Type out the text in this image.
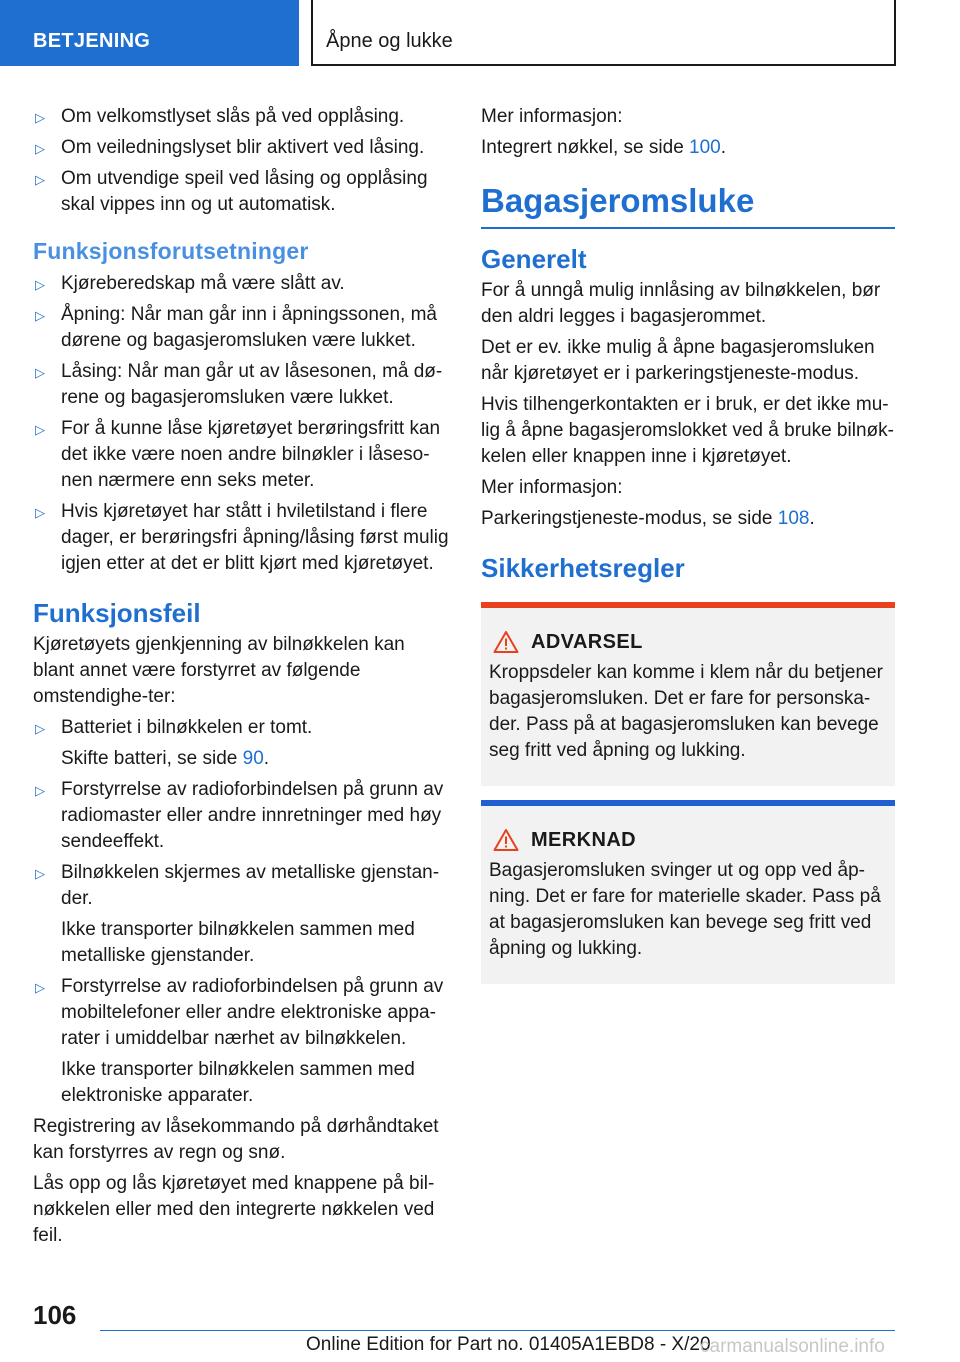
BETJENING	Åpne og lukke
▷ Om velkomstlyset slås på ved opplåsing.
▷ Om veiledningslyset blir aktivert ved låsing.
▷ Om utvendige speil ved låsing og opplåsing skal vippes inn og ut automatisk.
Funksjonsforutsetninger
▷ Kjøreberedskap må være slått av.
▷ Åpning: Når man går inn i åpningssonen, må dørene og bagasjeromsluken være lukket.
▷ Låsing: Når man går ut av låsesonen, må dø-rene og bagasjeromsluken være lukket.
▷ For å kunne låse kjøretøyet berøringsfritt kan det ikke være noen andre bilnøkler i låseso-nen nærmere enn seks meter.
▷ Hvis kjøretøyet har stått i hviletilstand i flere dager, er berøringsfri åpning/låsing først mulig igjen etter at det er blitt kjørt med kjøretøyet.
Funksjonsfeil
Kjøretøyets gjenkjenning av bilnøkkelen kan blant annet være forstyrret av følgende omstendighe-ter:
▷ Batteriet i bilnøkkelen er tomt.
Skifte batteri, se side 90.
▷ Forstyrrelse av radioforbindelsen på grunn av radiomaster eller andre innretninger med høy sendeeffekt.
▷ Bilnøkkelen skjermes av metalliske gjenstan-der.
Ikke transporter bilnøkkelen sammen med metalliske gjenstander.
▷ Forstyrrelse av radioforbindelsen på grunn av mobiltelefoner eller andre elektroniske appa-rater i umiddelbar nærhet av bilnøkkelen.
Ikke transporter bilnøkkelen sammen med elektroniske apparater.
Registrering av låsekommando på dørhåndtaket kan forstyrres av regn og snø.
Lås opp og lås kjøretøyet med knappene på bil-nøkkelen eller med den integrerte nøkkelen ved feil.
Mer informasjon:
Integrert nøkkel, se side 100.
Bagasjeromsluke
Generelt
For å unngå mulig innlåsing av bilnøkkelen, bør den aldri legges i bagasjerommet.
Det er ev. ikke mulig å åpne bagasjeromsluken når kjøretøyet er i parkeringstjeneste-modus.
Hvis tilhengerkontakten er i bruk, er det ikke mu-lig å åpne bagasjeromslokket ved å bruke bilnøk-kelen eller knappen inne i kjøretøyet.
Mer informasjon:
Parkeringstjeneste-modus, se side 108.
Sikkerhetsregler
ADVARSEL
Kroppsdeler kan komme i klem når du betjener bagasjeromsluken. Det er fare for personska-der. Pass på at bagasjeromsluken kan bevege seg fritt ved åpning og lukking.
MERKNAD
Bagasjeromsluken svinger ut og opp ved åp-ning. Det er fare for materielle skader. Pass på at bagasjeromsluken kan bevege seg fritt ved åpning og lukking.
106
Online Edition for Part no. 01405A1EBD8 - X/20
carmanualsonline.info
